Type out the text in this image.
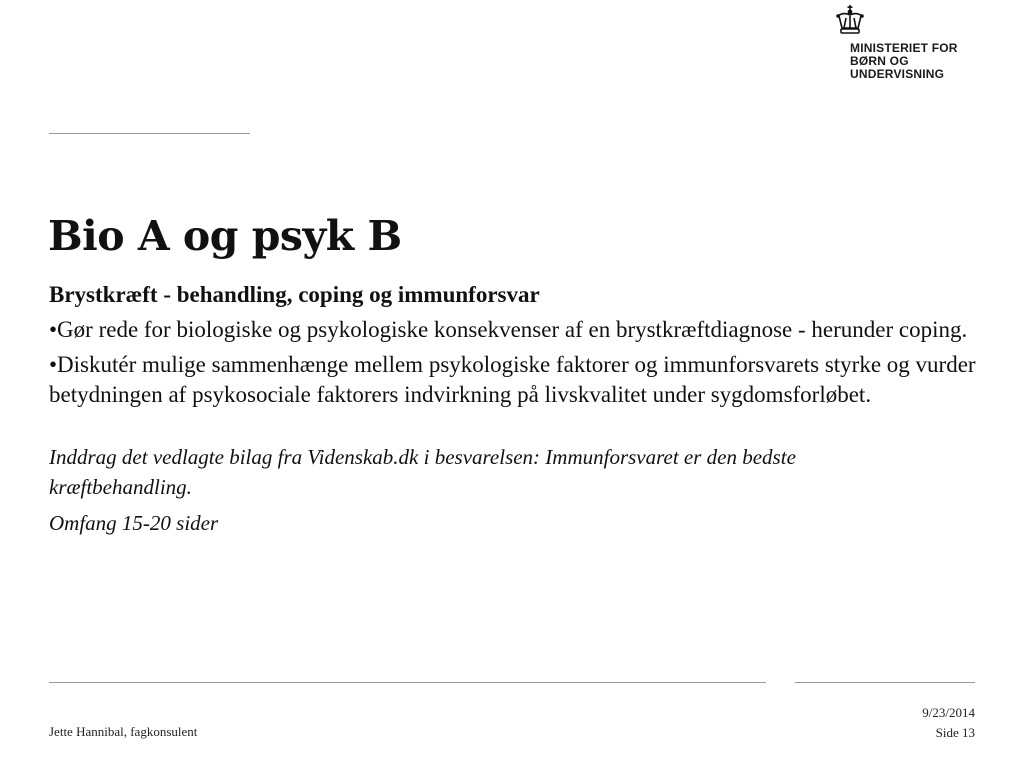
MINISTERIET FOR
BØRN OG
UNDERVISNING
Bio A og psyk B

Brystkræft - behandling, coping og immunforsvar

•Gør rede for biologiske og psykologiske konsekvenser af en brystkræftdiagnose - herunder coping.

•Diskutér mulige sammenhænge mellem psykologiske faktorer og immunforsvarets styrke og vurder betydningen af psykosociale faktorers indvirkning på livskvalitet under sygdomsforløbet.

Inddrag det vedlagte bilag fra Videnskab.dk i besvarelsen: Immunforsvaret er den bedste kræftbehandling.

Omfang 15-20 sider

Jette Hannibal, fagkonsulent
9/23/2014
Side 13
